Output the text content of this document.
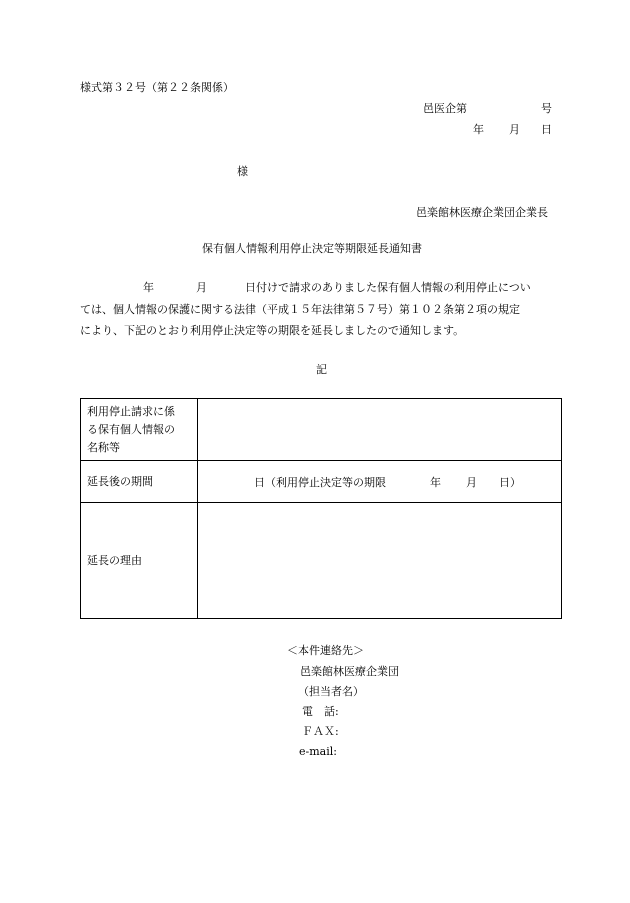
様式第３２号（第２２条関係）
邑医企第	号
年 月 日
様
邑楽館林医療企業団企業長
保有個人情報利用停止決定等期限延長通知書
年	月	日付けで請求のありました保有個人情報の利用停止につい
ては、個人情報の保護に関する法律（平成１５年法律第５７号）第１０２条第２項の規定
により、下記のとおり利用停止決定等の期限を延長しましたので通知します。
記
利用停止請求に係
る保有個人情報の
名称等	

延長後の期間	日（利用停止決定等の期限 年 月 日）
延長の理由	
＜本件連絡先＞
邑楽館林医療企業団
（担当者名）
電　話:
ＦＡＸ:
e-mail:
